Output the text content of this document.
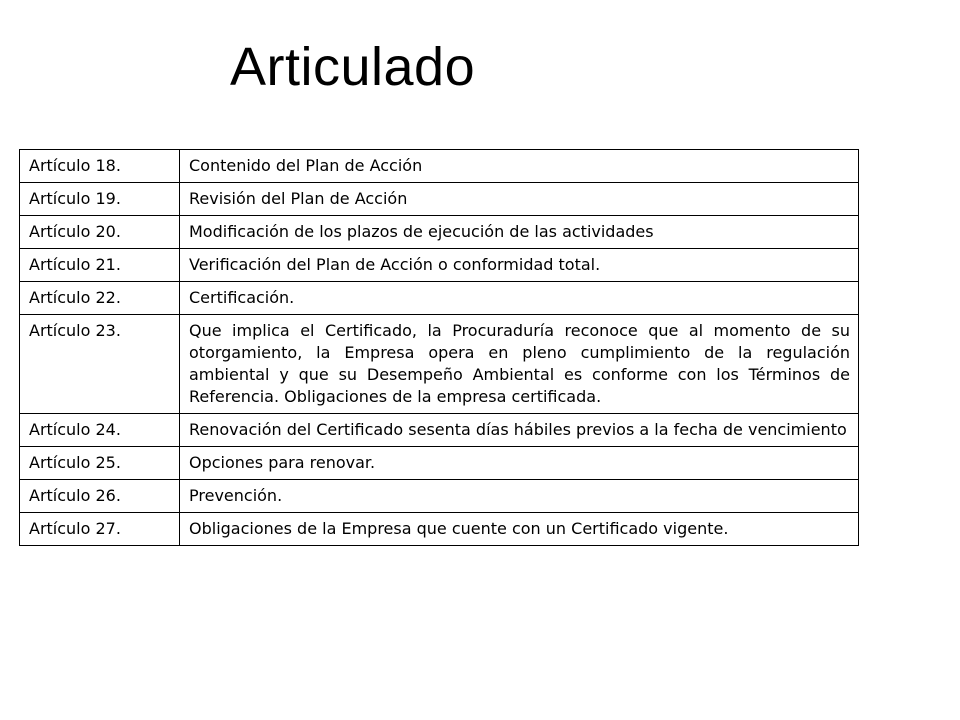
Articulado
Artículo 18.	Contenido del Plan de Acción
Artículo 19.	Revisión del Plan de Acción
Artículo 20.	Modificación de los plazos de ejecución de las actividades
Artículo 21.	Verificación del Plan de Acción o conformidad total.
Artículo 22.	Certificación.
Artículo 23.	Que implica el Certificado, la Procuraduría reconoce que al momento de su otorgamiento, la Empresa opera en pleno cumplimiento de la regulación ambiental y que su Desempeño Ambiental es conforme con los Términos de Referencia. Obligaciones de la empresa certificada.
Artículo 24.	Renovación del Certificado sesenta días hábiles previos a la fecha de vencimiento
Artículo 25.	Opciones para renovar.
Artículo 26.	Prevención.
Artículo 27.	Obligaciones de la Empresa que cuente con un Certificado vigente.
